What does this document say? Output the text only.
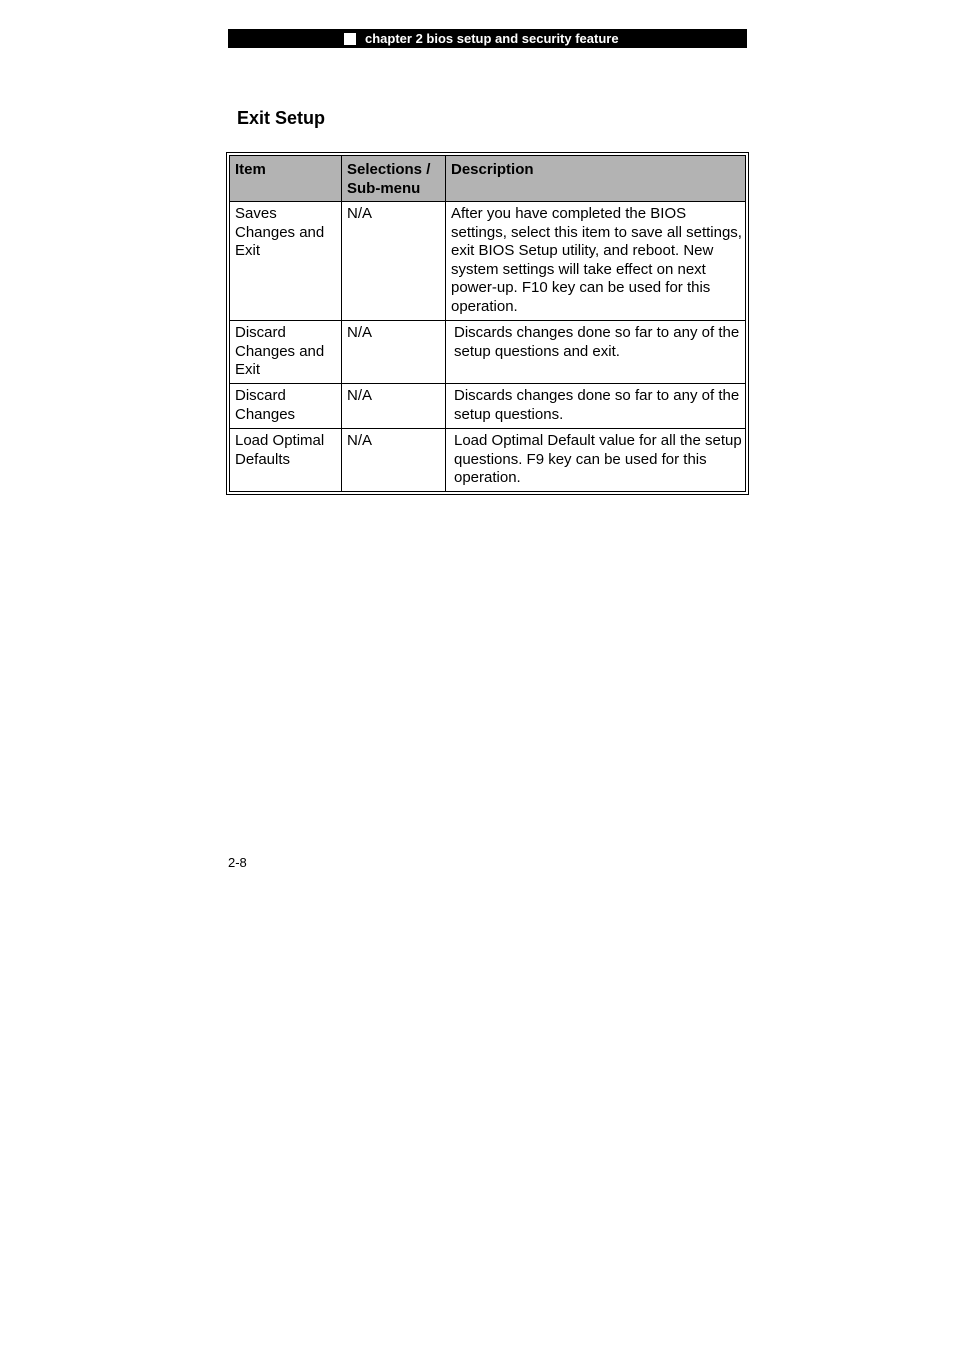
chapter 2 bios setup and security feature
Exit Setup
Item	Selections / Sub-menu	Description
Saves Changes and Exit	N/A	After you have completed the BIOS settings, select this item to save all settings, exit BIOS Setup utility, and reboot. New system settings will take effect on next power-up. F10 key can be used for this operation.
Discard Changes and Exit	N/A	Discards changes done so far to any of the setup questions and exit.
Discard Changes	N/A	Discards changes done so far to any of the setup questions.
Load Optimal Defaults	N/A	Load Optimal Default value for all the setup questions. F9 key can be used for this operation.
2-8
